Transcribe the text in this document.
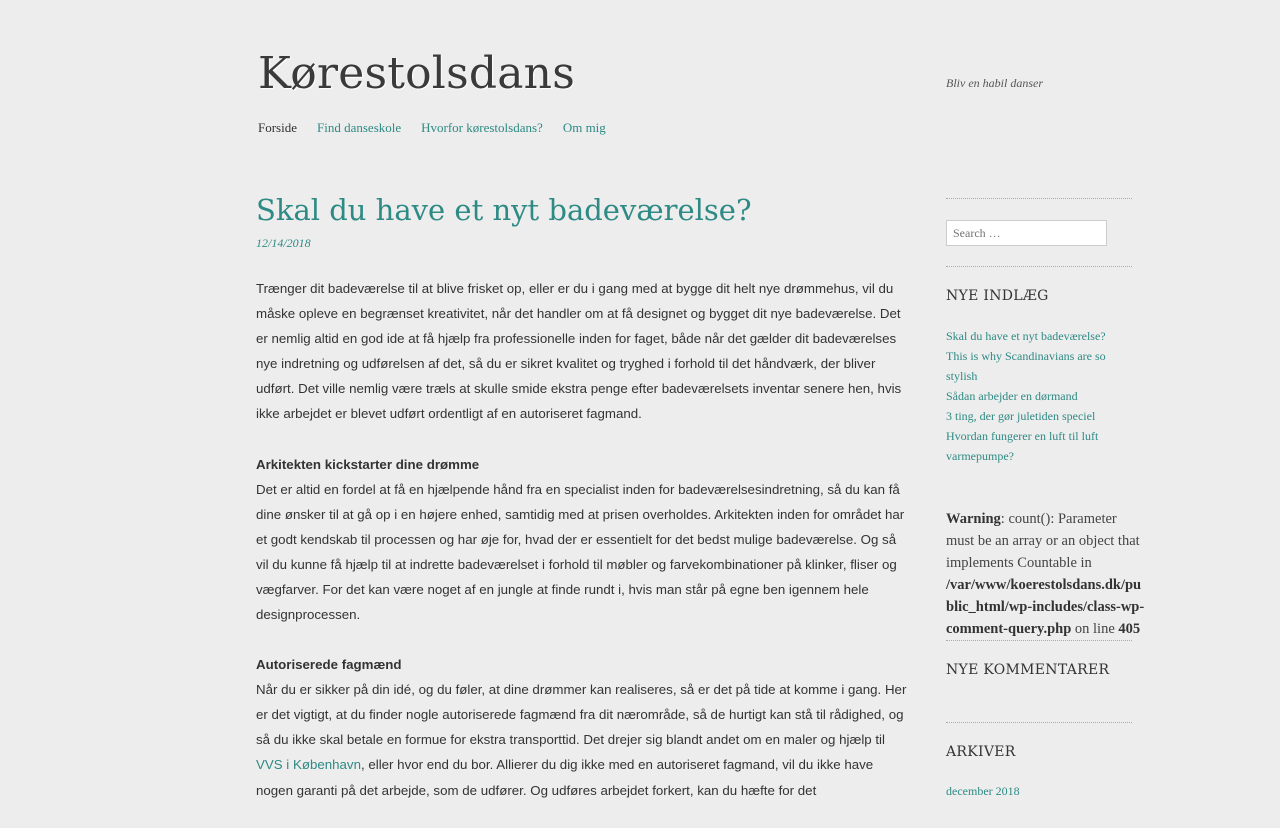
Kørestolsdans	Bliv en habil danser
Forside Find danseskole Hvorfor kørestolsdans? Om mig
Skal du have et nyt badeværelse?
12/14/2018

Trænger dit badeværelse til at blive frisket op, eller er du i gang med at bygge dit helt nye drømmehus, vil du måske opleve en begrænset kreativitet, når det handler om at få designet og bygget dit nye badeværelse. Det er nemlig altid en god ide at få hjælp fra professionelle inden for faget, både når det gælder dit badeværelses nye indretning og udførelsen af det, så du er sikret kvalitet og tryghed i forhold til det håndværk, der bliver udført. Det ville nemlig være træls at skulle smide ekstra penge efter badeværelsets inventar senere hen, hvis ikke arbejdet er blevet udført ordentligt af en autoriseret fagmand.

Arkitekten kickstarter dine drømme

Det er altid en fordel at få en hjælpende hånd fra en specialist inden for badeværelsesindretning, så du kan få dine ønsker til at gå op i en højere enhed, samtidig med at prisen overholdes. Arkitekten inden for området har et godt kendskab til processen og har øje for, hvad der er essentielt for det bedst mulige badeværelse. Og så vil du kunne få hjælp til at indrette badeværelset i forhold til møbler og farvekombinationer på klinker, fliser og vægfarver. For det kan være noget af en jungle at finde rundt i, hvis man står på egne ben igennem hele designprocessen.

Autoriserede fagmænd

Når du er sikker på din idé, og du føler, at dine drømmer kan realiseres, så er det på tide at komme i gang. Her er det vigtigt, at du finder nogle autoriserede fagmænd fra dit nærområde, så de hurtigt kan stå til rådighed, og så du ikke skal betale en formue for ekstra transporttid. Det drejer sig blandt andet om en maler og hjælp til VVS i København, eller hvor end du bor. Allierer du dig ikke med en autoriseret fagmand, vil du ikke have nogen garanti på det arbejde, som de udfører. Og udføres arbejdet forkert, kan du hæfte for det

Search …
NYE INDLÆG
Skal du have et nyt badeværelse?
This is why Scandinavians are so stylish
Sådan arbejder en dørmand
3 ting, der gør juletiden speciel
Hvordan fungerer en luft til luft varmepumpe?
Warning: count(): Parameter must be an array or an object that implements Countable in /var/www/koerestolsdans.dk/public_html/wp-includes/class-wp-comment-query.php on line 405
NYE KOMMENTARER
ARKIVER
december 2018
